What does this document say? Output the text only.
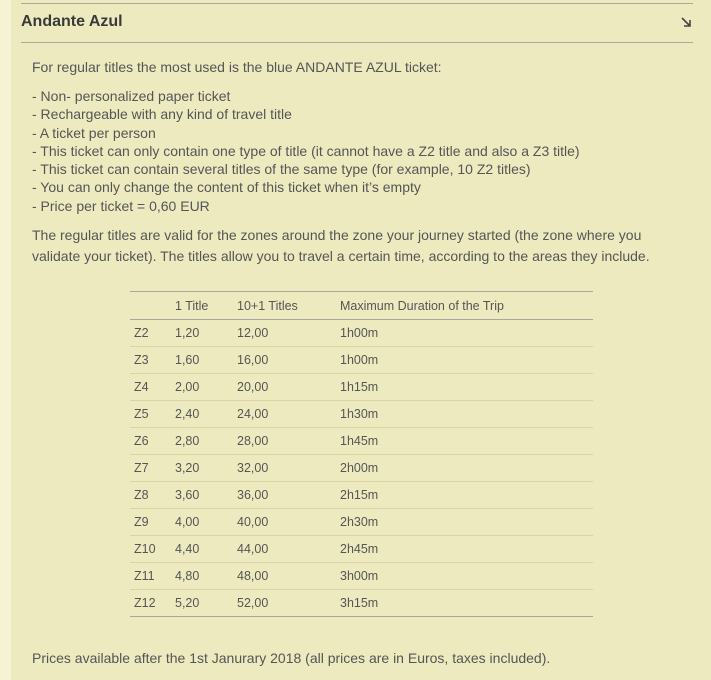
Andante Azul

For regular titles the most used is the blue ANDANTE AZUL ticket:

- Non- personalized paper ticket
- Rechargeable with any kind of travel title
- A ticket per person
- This ticket can only contain one type of title (it cannot have a Z2 title and also a Z3 title)
- This ticket can contain several titles of the same type (for example, 10 Z2 titles)
- You can only change the content of this ticket when it’s empty
- Price per ticket = 0,60 EUR

The regular titles are valid for the zones around the zone your journey started (the zone where you validate your ticket). The titles allow you to travel a certain time, according to the areas they include.

	1 Title	10+1 Titles	Maximum Duration of the Trip
Z2	1,20	12,00	1h00m
Z3	1,60	16,00	1h00m
Z4	2,00	20,00	1h15m
Z5	2,40	24,00	1h30m
Z6	2,80	28,00	1h45m
Z7	3,20	32,00	2h00m
Z8	3,60	36,00	2h15m
Z9	4,00	40,00	2h30m
Z10	4,40	44,00	2h45m
Z11	4,80	48,00	3h00m
Z12	5,20	52,00	3h15m
Prices available after the 1st Janurary 2018 (all prices are in Euros, taxes included).
